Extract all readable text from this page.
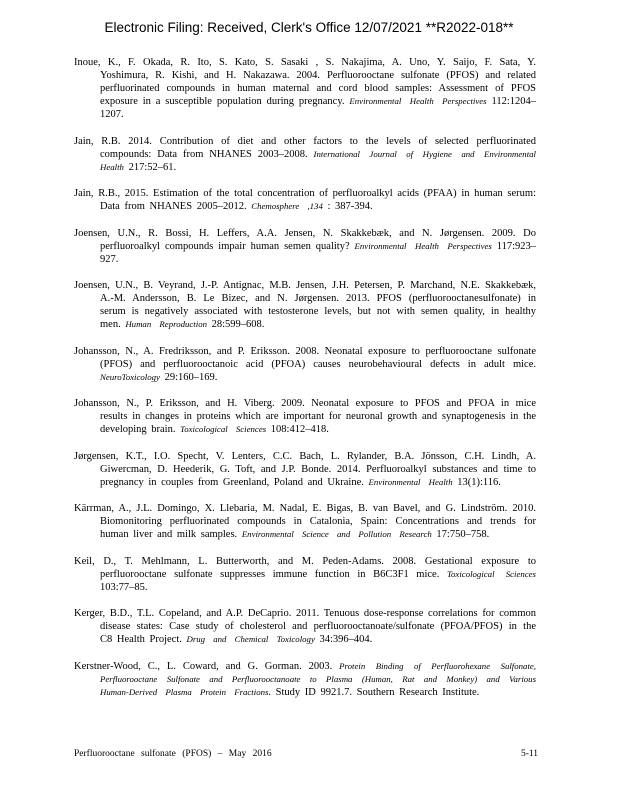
Electronic Filing: Received, Clerk's Office 12/07/2021 **R2022-018**

Inoue, K., F. Okada, R. Ito, S. Kato, S. Sasaki , S. Nakajima, A. Uno, Y. Saijo, F. Sata, Y. Yoshimura, R. Kishi, and H. Nakazawa. 2004. Perfluorooctane sulfonate (PFOS) and related perfluorinated compounds in human maternal and cord blood samples: Assessment of PFOS exposure in a susceptible population during pregnancy. Environmental Health Perspectives 112:1204–1207.

Jain, R.B. 2014. Contribution of diet and other factors to the levels of selected perfluorinated compounds: Data from NHANES 2003–2008. International Journal of Hygiene and Environmental Health 217:52–61.

Jain, R.B., 2015. Estimation of the total concentration of perfluoroalkyl acids (PFAA) in human serum: Data from NHANES 2005–2012. Chemosphere ,134 : 387-394.

Joensen, U.N., R. Bossi, H. Leffers, A.A. Jensen, N. Skakkebæk, and N. Jørgensen. 2009. Do perfluoroalkyl compounds impair human semen quality? Environmental Health Perspectives 117:923–927.

Joensen, U.N., B. Veyrand, J.-P. Antignac, M.B. Jensen, J.H. Petersen, P. Marchand, N.E. Skakkebæk, A.-M. Andersson, B. Le Bizec, and N. Jørgensen. 2013. PFOS (perfluorooctanesulfonate) in serum is negatively associated with testosterone levels, but not with semen quality, in healthy men. Human Reproduction 28:599–608.

Johansson, N., A. Fredriksson, and P. Eriksson. 2008. Neonatal exposure to perfluorooctane sulfonate (PFOS) and perfluorooctanoic acid (PFOA) causes neurobehavioural defects in adult mice. NeuroToxicology 29:160–169.

Johansson, N., P. Eriksson, and H. Viberg. 2009. Neonatal exposure to PFOS and PFOA in mice results in changes in proteins which are important for neuronal growth and synaptogenesis in the developing brain. Toxicological Sciences 108:412–418.

Jørgensen, K.T., I.O. Specht, V. Lenters, C.C. Bach, L. Rylander, B.A. Jönsson, C.H. Lindh, A. Giwercman, D. Heederik, G. Toft, and J.P. Bonde. 2014. Perfluoroalkyl substances and time to pregnancy in couples from Greenland, Poland and Ukraine. Environmental Health 13(1):116.

Kärrman, A., J.L. Domingo, X. Llebaria, M. Nadal, E. Bigas, B. van Bavel, and G. Lindström. 2010. Biomonitoring perfluorinated compounds in Catalonia, Spain: Concentrations and trends for human liver and milk samples. Environmental Science and Pollution Research 17:750–758.

Keil, D., T. Mehlmann, L. Butterworth, and M. Peden-Adams. 2008. Gestational exposure to perfluorooctane sulfonate suppresses immune function in B6C3F1 mice. Toxicological Sciences 103:77–85.

Kerger, B.D., T.L. Copeland, and A.P. DeCaprio. 2011. Tenuous dose-response correlations for common disease states: Case study of cholesterol and perfluorooctanoate/sulfonate (PFOA/PFOS) in the C8 Health Project. Drug and Chemical Toxicology 34:396–404.

Kerstner-Wood, C., L. Coward, and G. Gorman. 2003. Protein Binding of Perfluorohexane Sulfonate, Perfluorooctane Sulfonate and Perfluorooctanoate to Plasma (Human, Rat and Monkey) and Various Human-Derived Plasma Protein Fractions. Study ID 9921.7. Southern Research Institute.

Perfluorooctane sulfonate (PFOS) – May 2016	5-11
